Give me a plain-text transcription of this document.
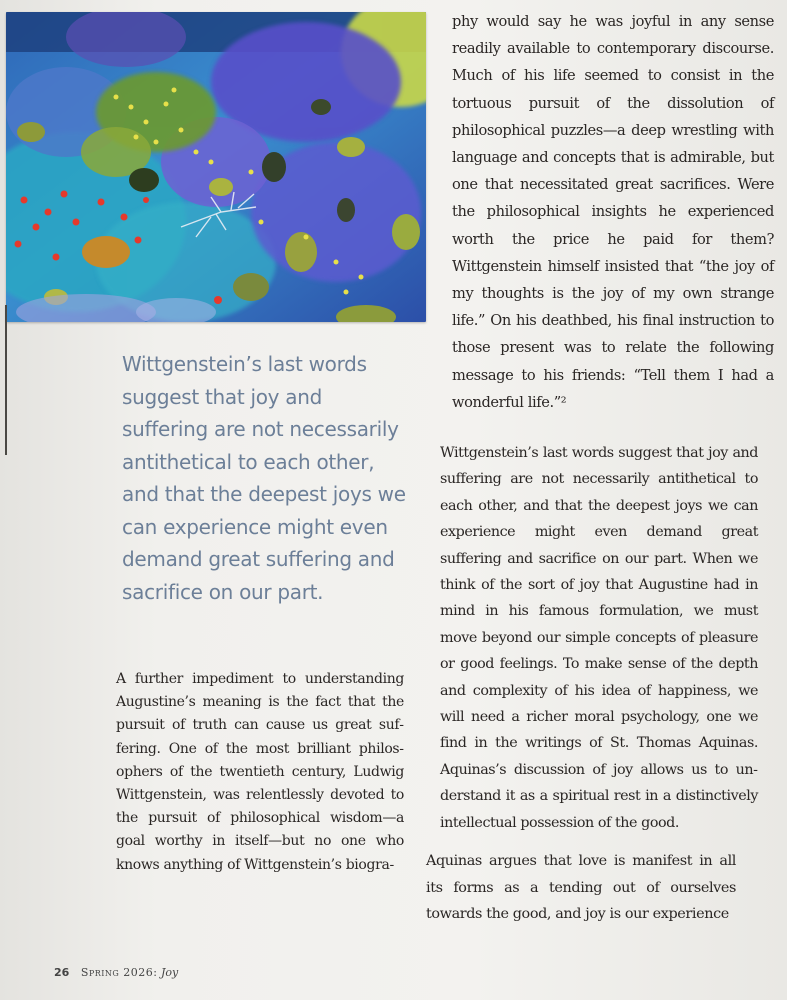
Wittgenstein’s last words suggest that joy and suffering are not necessarily antithetical to each other, and that the deepest joys we can experience might even demand great suffering and sacrifice on our part.

A further impediment to understanding Augustine’s meaning is the fact that the pursuit of truth can cause us great suffering. One of the most brilliant philosophers of the twentieth century, Ludwig Wittgenstein, was relentlessly devoted to the pursuit of philosophical wisdom—a goal worthy in itself—but no one who knows anything of Wittgenstein’s biogra-

phy would say he was joyful in any sense readily available to contemporary discourse. Much of his life seemed to consist in the tortuous pursuit of the dissolution of philosophical puzzles—a deep wrestling with language and concepts that is admirable, but one that necessitated great sacrifices. Were the philosophical insights he experienced worth the price he paid for them? Wittgenstein himself insisted that “the joy of my thoughts is the joy of my own strange life.” On his deathbed, his final instruction to those present was to relate the following message to his friends: “Tell them I had a wonderful life.”²

Wittgenstein’s last words suggest that joy and suffering are not necessarily antithetical to each other, and that the deepest joys we can experience might even demand great suffering and sacrifice on our part. When we think of the sort of joy that Augustine had in mind in his famous formulation, we must move beyond our simple concepts of pleasure or good feelings. To make sense of the depth and complexity of his idea of happiness, we will need a richer moral psychology, one we find in the writings of St. Thomas Aquinas. Aquinas’s discussion of joy allows us to understand it as a spiritual rest in a distinctively intellectual possession of the good.

Aquinas argues that love is manifest in all its forms as a tending out of ourselves towards the good, and joy is our experience

26 Spring 2026: Joy
